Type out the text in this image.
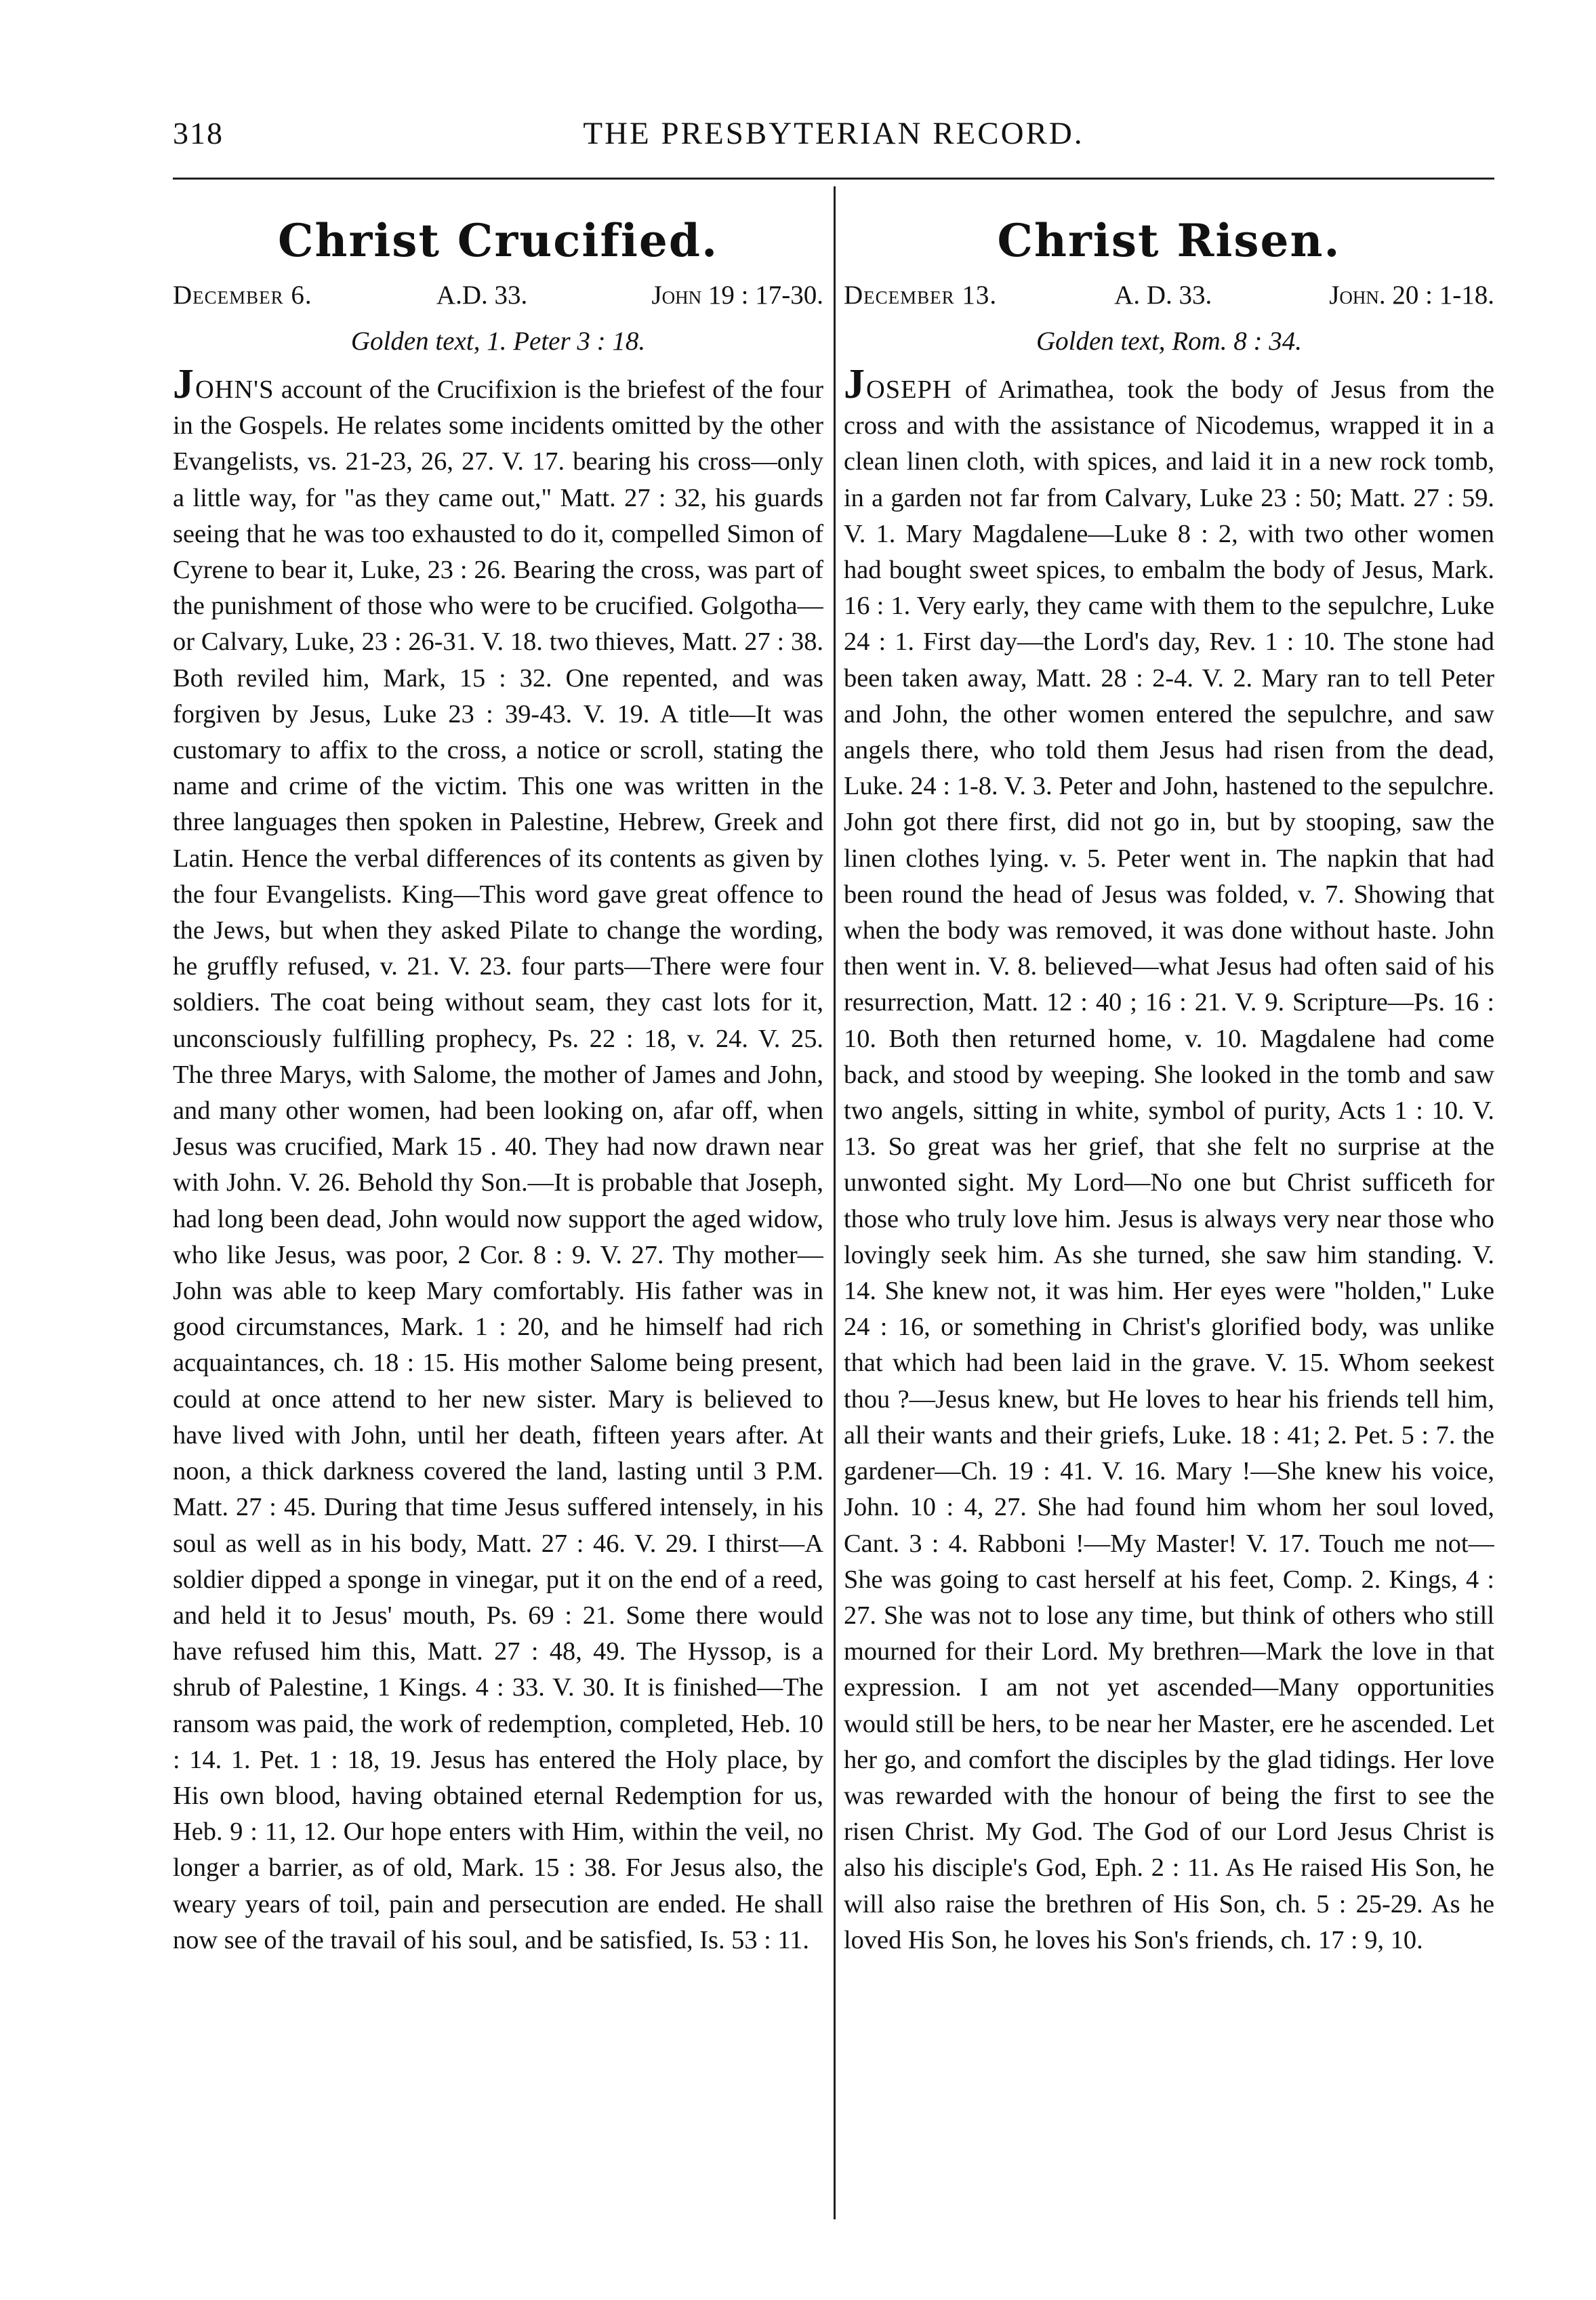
318	THE PRESBYTERIAN RECORD.
Christ Crucified.
December 6.	A.D. 33.	John 19 : 17-30.
Golden text, 1. Peter 3 : 18.
JOHN'S account of the Crucifixion is the briefest of the four in the Gospels. He relates some incidents omitted by the other Evangelists, vs. 21-23, 26, 27. V. 17. bearing his cross—only a little way, for "as they came out," Matt. 27 : 32, his guards seeing that he was too exhausted to do it, compelled Simon of Cyrene to bear it, Luke, 23 : 26. Bearing the cross, was part of the punishment of those who were to be crucified. Golgotha—or Calvary, Luke, 23 : 26-31. V. 18. two thieves, Matt. 27 : 38. Both reviled him, Mark, 15 : 32. One repented, and was forgiven by Jesus, Luke 23 : 39-43. V. 19. A title—It was customary to affix to the cross, a notice or scroll, stating the name and crime of the victim. This one was written in the three languages then spoken in Palestine, Hebrew, Greek and Latin. Hence the verbal differences of its contents as given by the four Evangelists. King—This word gave great offence to the Jews, but when they asked Pilate to change the wording, he gruffly refused, v. 21. V. 23. four parts—There were four soldiers. The coat being without seam, they cast lots for it, unconsciously fulfilling prophecy, Ps. 22 : 18, v. 24. V. 25. The three Marys, with Salome, the mother of James and John, and many other women, had been looking on, afar off, when Jesus was crucified, Mark 15 . 40. They had now drawn near with John. V. 26. Behold thy Son.—It is probable that Joseph, had long been dead, John would now support the aged widow, who like Jesus, was poor, 2 Cor. 8 : 9. V. 27. Thy mother—John was able to keep Mary comfortably. His father was in good circumstances, Mark. 1 : 20, and he himself had rich acquaintances, ch. 18 : 15. His mother Salome being present, could at once attend to her new sister. Mary is believed to have lived with John, until her death, fifteen years after. At noon, a thick darkness covered the land, lasting until 3 P.M. Matt. 27 : 45. During that time Jesus suffered intensely, in his soul as well as in his body, Matt. 27 : 46. V. 29. I thirst—A soldier dipped a sponge in vinegar, put it on the end of a reed, and held it to Jesus' mouth, Ps. 69 : 21. Some there would have refused him this, Matt. 27 : 48, 49. The Hyssop, is a shrub of Palestine, 1 Kings. 4 : 33. V. 30. It is finished—The ransom was paid, the work of redemption, completed, Heb. 10 : 14. 1. Pet. 1 : 18, 19. Jesus has entered the Holy place, by His own blood, having obtained eternal Redemption for us, Heb. 9 : 11, 12. Our hope enters with Him, within the veil, no longer a barrier, as of old, Mark. 15 : 38. For Jesus also, the weary years of toil, pain and persecution are ended. He shall now see of the travail of his soul, and be satisfied, Is. 53 : 11.
Christ Risen.
December 13.	A. D. 33.	John. 20 : 1-18.
Golden text, Rom. 8 : 34.
JOSEPH of Arimathea, took the body of Jesus from the cross and with the assistance of Nicodemus, wrapped it in a clean linen cloth, with spices, and laid it in a new rock tomb, in a garden not far from Calvary, Luke 23 : 50; Matt. 27 : 59. V. 1. Mary Magdalene—Luke 8 : 2, with two other women had bought sweet spices, to embalm the body of Jesus, Mark. 16 : 1. Very early, they came with them to the sepulchre, Luke 24 : 1. First day—the Lord's day, Rev. 1 : 10. The stone had been taken away, Matt. 28 : 2-4. V. 2. Mary ran to tell Peter and John, the other women entered the sepulchre, and saw angels there, who told them Jesus had risen from the dead, Luke. 24 : 1-8. V. 3. Peter and John, hastened to the sepulchre. John got there first, did not go in, but by stooping, saw the linen clothes lying. v. 5. Peter went in. The napkin that had been round the head of Jesus was folded, v. 7. Showing that when the body was removed, it was done without haste. John then went in. V. 8. believed—what Jesus had often said of his resurrection, Matt. 12 : 40 ; 16 : 21. V. 9. Scripture—Ps. 16 : 10. Both then returned home, v. 10. Magdalene had come back, and stood by weeping. She looked in the tomb and saw two angels, sitting in white, symbol of purity, Acts 1 : 10. V. 13. So great was her grief, that she felt no surprise at the unwonted sight. My Lord—No one but Christ sufficeth for those who truly love him. Jesus is always very near those who lovingly seek him. As she turned, she saw him standing. V. 14. She knew not, it was him. Her eyes were "holden," Luke 24 : 16, or something in Christ's glorified body, was unlike that which had been laid in the grave. V. 15. Whom seekest thou ?—Jesus knew, but He loves to hear his friends tell him, all their wants and their griefs, Luke. 18 : 41; 2. Pet. 5 : 7. the gardener—Ch. 19 : 41. V. 16. Mary !—She knew his voice, John. 10 : 4, 27. She had found him whom her soul loved, Cant. 3 : 4. Rabboni !—My Master! V. 17. Touch me not—She was going to cast herself at his feet, Comp. 2. Kings, 4 : 27. She was not to lose any time, but think of others who still mourned for their Lord. My brethren—Mark the love in that expression. I am not yet ascended—Many opportunities would still be hers, to be near her Master, ere he ascended. Let her go, and comfort the disciples by the glad tidings. Her love was rewarded with the honour of being the first to see the risen Christ. My God. The God of our Lord Jesus Christ is also his disciple's God, Eph. 2 : 11. As He raised His Son, he will also raise the brethren of His Son, ch. 5 : 25-29. As he loved His Son, he loves his Son's friends, ch. 17 : 9, 10.
